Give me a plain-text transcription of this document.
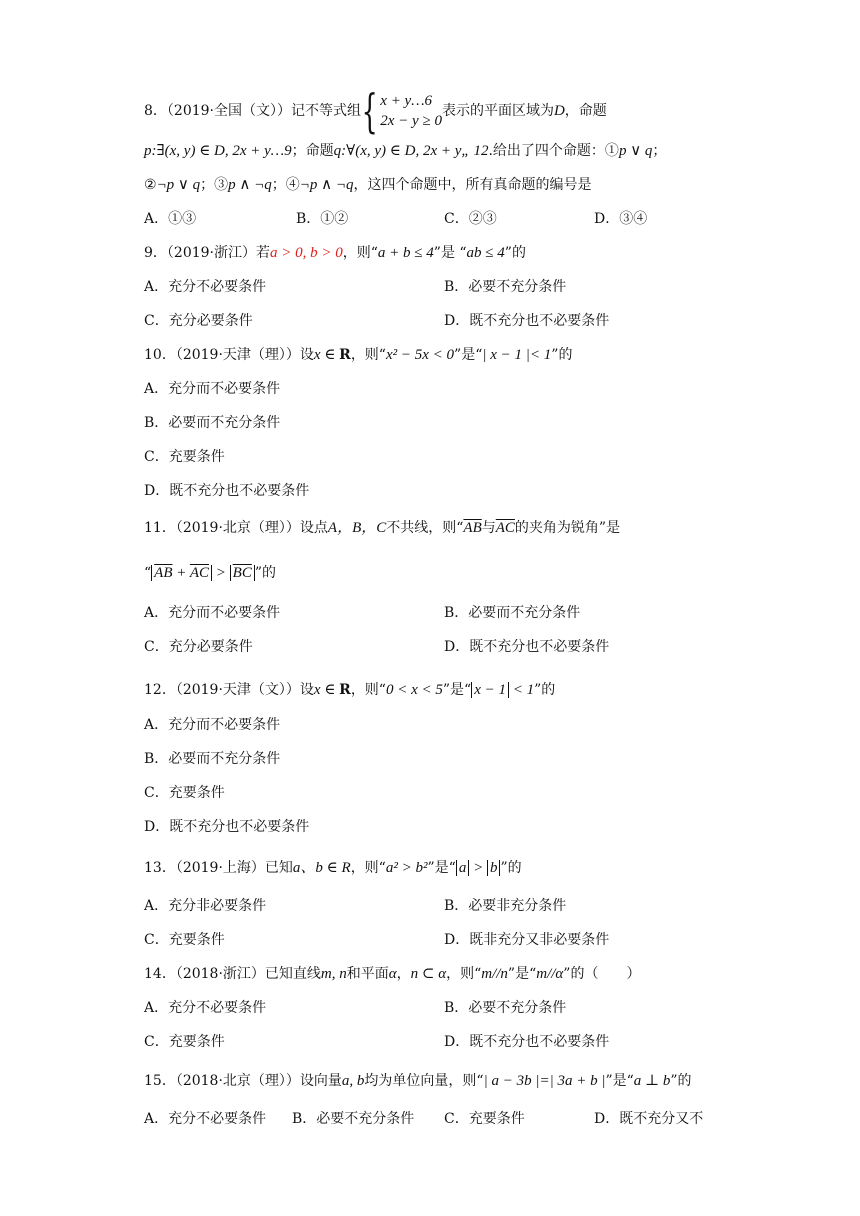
8．（2019·全国（文））记不等式组{ x + y…6
2x − y ≥ 0
表示的平面区域为D，命题
p:∃(x, y) ∈ D, 2x + y…9；命题q:∀(x, y) ∈ D, 2x + y„ 12.给出了四个命题：①p ∨ q；
②¬p ∨ q；③p ∧ ¬q；④¬p ∧ ¬q，这四个命题中，所有真命题的编号是
A．①③	B．①②	C．②③	D．③④
9．（2019·浙江）若a > 0, b > 0，则“a + b ≤ 4”是 “ab ≤ 4”的
A．充分不必要条件	B．必要不充分条件
C．充分必要条件	D．既不充分也不必要条件
10．（2019·天津（理））设x ∈ R，则“x² − 5x < 0”是“| x − 1 |< 1”的
A．充分而不必要条件
B．必要而不充分条件
C．充要条件
D．既不充分也不必要条件
11．（2019·北京（理））设点A，B，C不共线，则“$\overline{AB}$与$\overline{AC}$的夹角为锐角”是
“ $\overline{AB} + \overline{AC} > \overline{BC}$ ”的
A．充分而不必要条件	B．必要而不充分条件
C．充分必要条件	D．既不充分也不必要条件
12．（2019·天津（文））设x ∈ R，则“0 < x < 5”是“ x − 1 < 1”的
A．充分而不必要条件
B．必要而不充分条件
C．充要条件
D．既不充分也不必要条件
13．（2019·上海）已知a、b ∈ R，则“a² > b²”是“ a > b ”的
A．充分非必要条件	B．必要非充分条件
C．充要条件	D．既非充分又非必要条件
14．（2018·浙江）已知直线m, n和平面α，n ⊂ α，则“m//n”是“m//α”的（　　）
A．充分不必要条件	B．必要不充分条件
C．充要条件	D．既不充分也不必要条件
15．（2018·北京（理））设向量a, b均为单位向量，则“| a − 3b |=| 3a + b |”是“a ⊥ b”的
A．充分不必要条件 B．必要不充分条件 C．充要条件	D．既不充分又不
